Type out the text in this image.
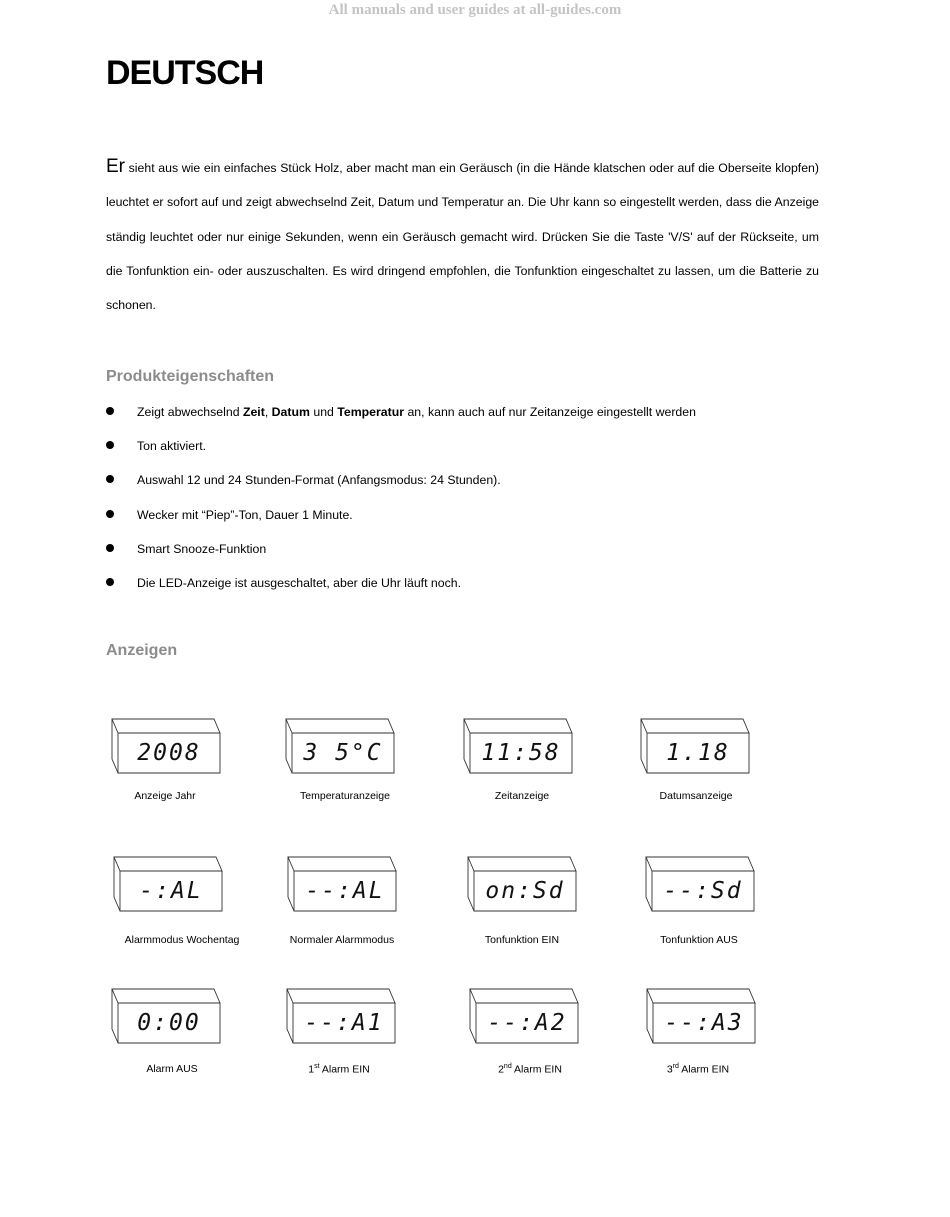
All manuals and user guides at all-guides.com
DEUTSCH

Er sieht aus wie ein einfaches Stück Holz, aber macht man ein Geräusch (in die Hände klatschen oder auf die Oberseite klopfen) leuchtet er sofort auf und zeigt abwechselnd Zeit, Datum und Temperatur an. Die Uhr kann so eingestellt werden, dass die Anzeige ständig leuchtet oder nur einige Sekunden, wenn ein Geräusch gemacht wird. Drücken Sie die Taste 'V/S' auf der Rückseite, um die Tonfunktion ein- oder auszuschalten. Es wird dringend empfohlen, die Tonfunktion eingeschaltet zu lassen, um die Batterie zu schonen.

Produkteigenschaften
Zeigt abwechselnd Zeit, Datum und Temperatur an, kann auch auf nur Zeitanzeige eingestellt werden
Ton aktiviert.
Auswahl 12 und 24 Stunden-Format (Anfangsmodus: 24 Stunden).
Wecker mit “Piep”-Ton, Dauer 1 Minute.
Smart Snooze-Funktion
Die LED-Anzeige ist ausgeschaltet, aber die Uhr läuft noch.
Anzeigen
2008
Anzeige Jahr
3 5°C
Temperaturanzeige
11:58
Zeitanzeige
1.18
Datumsanzeige
-:AL
Alarmmodus Wochentag
--:AL
Normaler Alarmmodus
on:Sd
Tonfunktion EIN
--:Sd
Tonfunktion AUS
0:00
Alarm AUS
--:A1
1st Alarm EIN
--:A2
2nd Alarm EIN
--:A3
3rd Alarm EIN
